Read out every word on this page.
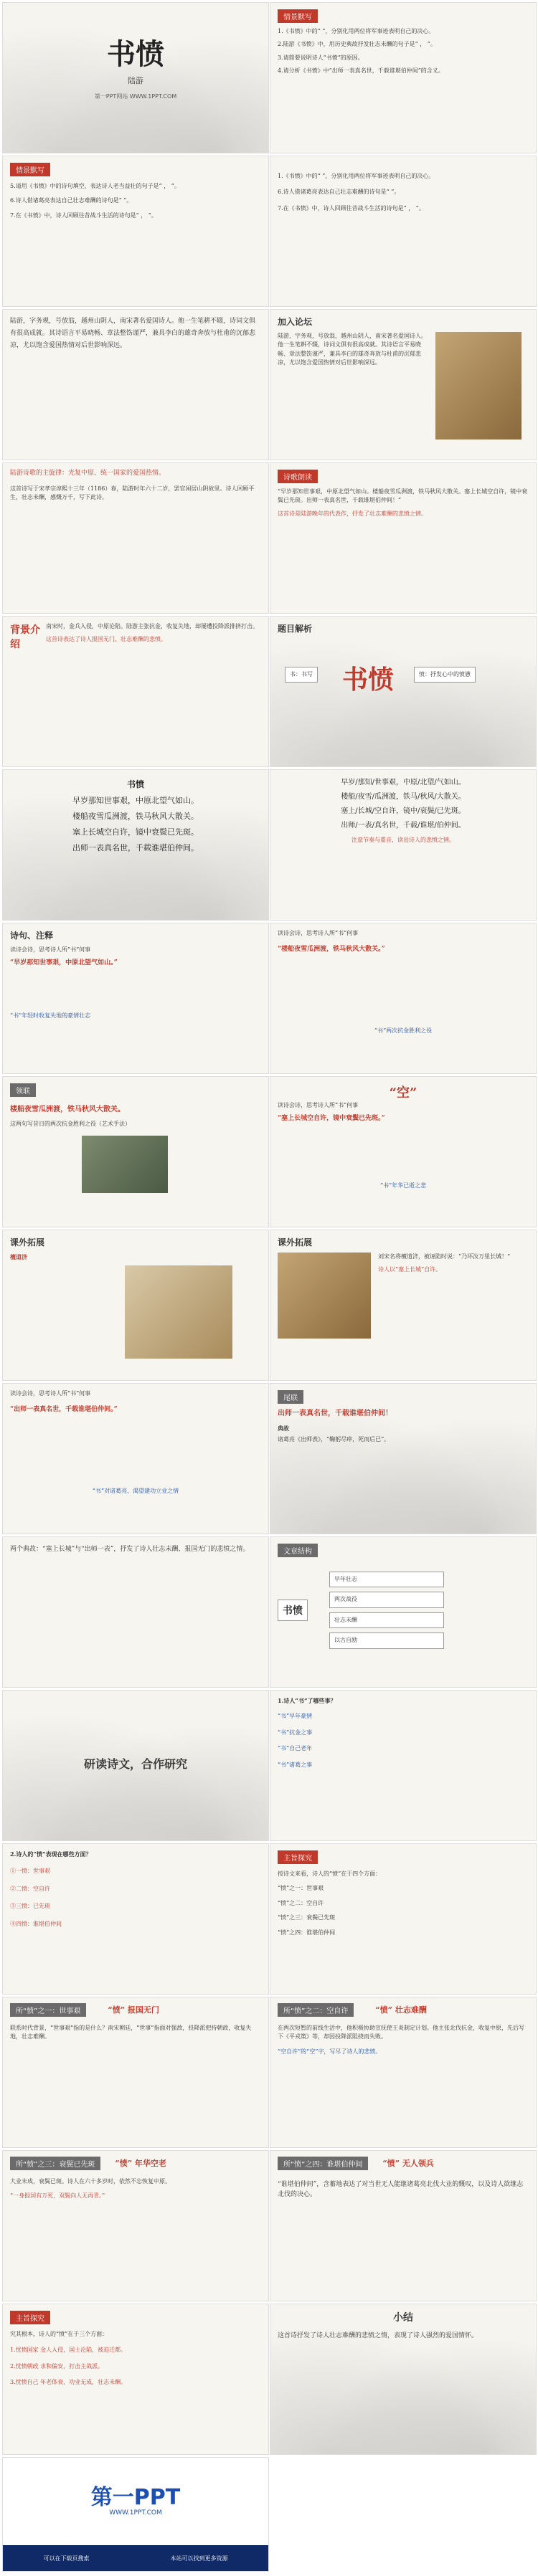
书愤
陆游
第一PPT网站 WWW.1PPT.COM
情景默写
1.《书愤》中的“ ”，分别化用两位将军事迹表明自己的决心。
2.陆游《书愤》中，用历史典故抒发壮志未酬的句子是“ ， ”。
3.请简要说明诗人“书愤”的原因。
4.请分析《书愤》中“出师一表真名世，千载谁堪伯仲间”的含义。
情景默写
5.请用《书愤》中的诗句填空，表达诗人老当益壮的句子是“ ， ”。
6.诗人借诸葛亮表达自己壮志难酬的诗句是“ ”。
7.在《书愤》中，诗人回顾往昔战斗生活的诗句是“ ， ”。
1.《书愤》中的“ ”，分别化用两位将军事迹表明自己的决心。
6.诗人借诸葛亮表达自己壮志难酬的诗句是“ ”。
7.在《书愤》中，诗人回顾往昔战斗生活的诗句是“ ， ”。
陆游，字务观，号放翁，越州山阴人，南宋著名爱国诗人。他一生笔耕不辍，诗词文俱有很高成就。其诗语言平易晓畅、章法整饬谨严，兼具李白的雄奇奔放与杜甫的沉郁悲凉，尤以饱含爱国热情对后世影响深远。
加入论坛
陆游，字务观，号放翁，越州山阴人，南宋著名爱国诗人。他一生笔耕不辍，诗词文俱有很高成就。其诗语言平易晓畅、章法整饬谨严，兼具李白的雄奇奔放与杜甫的沉郁悲凉，尤以饱含爱国热情对后世影响深远。
陆游诗歌的主旋律：光复中原、统一国家的爱国热情。
这首诗写于宋孝宗淳熙十三年（1186）春，陆游时年六十二岁，罢官闲居山阴故里。诗人回顾平生，壮志未酬，感慨万千，写下此诗。
诗歌朗读
“早岁那知世事艰，中原北望气如山。楼船夜雪瓜洲渡，铁马秋风大散关。塞上长城空自许，镜中衰鬓已先斑。出师一表真名世，千载谁堪伯仲间！”
这首诗是陆游晚年的代表作，抒发了壮志难酬的悲愤之情。
背景介绍
南宋时，金兵入侵，中原沦陷。陆游主张抗金，收复失地，却屡遭投降派排挤打击。
这首诗表达了诗人报国无门、壮志难酬的悲愤。
题目解析
书愤
书：书写	愤：抒发心中的愤懑
书愤
早岁那知世事艰，中原北望气如山。
楼船夜雪瓜洲渡，铁马秋风大散关。
塞上长城空自许，镜中衰鬓已先斑。
出师一表真名世，千载谁堪伯仲间。
早岁/那知/世事艰，中原/北望/气如山。
楼船/夜雪/瓜洲渡，铁马/秋风/大散关。
塞上/长城/空自许，镜中/衰鬓/已先斑。
出师/一表/真名世，千载/谁堪/伯仲间。
注意节奏与重音，读出诗人的悲愤之情。
诗句、注释
读诗会诗，思考诗人所“书”何事
“早岁那知世事艰，中原北望气如山。”
“书”年轻时收复失地的豪情壮志
读诗会诗，思考诗人所“书”何事
“楼船夜雪瓜洲渡，铁马秋风大散关。”
“书”两次抗金胜利之役
领联
楼船夜雪瓜洲渡，铁马秋风大散关。
这两句写昔日的两次抗金胜利之役（艺术手法）
“空”
读诗会诗，思考诗人所“书”何事
“塞上长城空自许，镜中衰鬓已先斑。”
“书”年华已逝之悲
课外拓展
檀道济
课外拓展
刘宋名将檀道济，被诬陷时说：“乃坏汝万里长城！”
诗人以“塞上长城”自许。
读诗会诗，思考诗人所“书”何事
“出师一表真名世，千载谁堪伯仲间。”
“书”对诸葛亮、渴望建功立业之情
尾联
出师一表真名世，千载谁堪伯仲间！
典故
诸葛亮《出师表》，“鞠躬尽瘁，死而后已”。
两个典故：“塞上长城”与“出师一表”，抒发了诗人壮志未酬、报国无门的悲愤之情。	文章结构
书愤
早年壮志
两次战役
壮志未酬
以古自励
研读诗文，合作研究
1.诗人“书”了哪些事？
“书”早年豪情
“书”抗金之事
“书”自己老年
“书”诸葛之事
2.诗人的“愤”表现在哪些方面？
①一愤：世事艰
②二愤：空自许
③三愤：已先斑
④四愤：谁堪伯仲间
主旨探究
按诗文来看，诗人的“愤”在于四个方面：
“愤”之一：世事艰
“愤”之二：空自许
“愤”之三：衰鬓已先斑
“愤”之四：谁堪伯仲间
所“愤”之一：世事艰	“愤” 报国无门
联系时代背景，“世事艰”指的是什么？南宋朝廷，“世事”指面对强敌，投降派把持朝政，收复失地，壮志难酬。
所“愤”之二：空自许	“愤” 壮志难酬
在两次短暂的前线生活中，他积极协助宣抚使王炎制定计划。他主张北伐抗金，收复中原，先后写下《平戎策》等，却因投降派阻挠而失败。
“空自许”的“空”字，写尽了诗人的悲愤。
所“愤”之三：衰鬓已先斑	“愤” 年华空老
大业未成，衰鬓已斑。诗人在六十多岁时，依然不忘恢复中原。
“一身报国有万死，双鬓向人无再青。”
所“愤”之四：谁堪伯仲间	“愤” 无人领兵
“谁堪伯仲间”，含蓄地表达了对当世无人能继诸葛亮北伐大业的慨叹，以及诗人欲继志北伐的决心。
主旨探究
究其根本，诗人的“愤”在于三个方面：
1.忧愤国家 金人入侵，国土沦陷，被迫迁都。
2.忧愤朝政 求和偏安，打击主战派。
3.忧愤自己 年老体衰，功业无成，壮志未酬。
小结
这首诗抒发了诗人壮志难酬的悲愤之情，表现了诗人强烈的爱国情怀。
第一PPT
WWW.1PPT.COM
可以在下载页搜索	本站可以找到更多资源
